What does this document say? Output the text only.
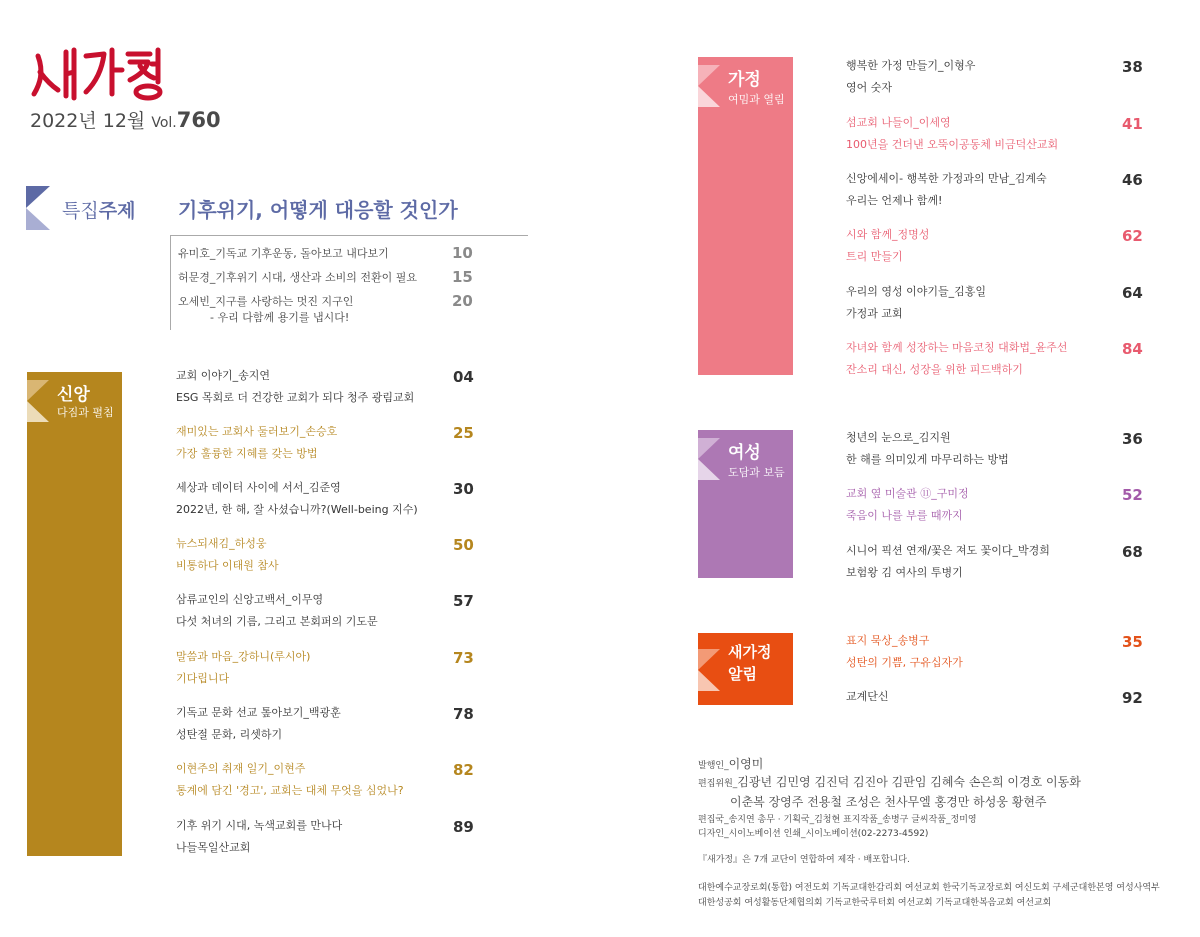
2022년 12월 Vol.760
특집주제 기후위기, 어떻게 대응할 것인가
유미호_기독교 기후운동, 돌아보고 내다보기	10
허문경_기후위기 시대, 생산과 소비의 전환이 필요 15
오세빈_지구를 사랑하는 멋진 지구인
- 우리 다함께 용기를 냅시다!
20
신앙
다짐과 펼침
교회 이야기_송지연
ESG 목회로 더 건강한 교회가 되다 청주 광림교회
04
재미있는 교회사 둘러보기_손승호
가장 훌륭한 지혜를 갖는 방법
25
세상과 데이터 사이에 서서_김준영
2022년, 한 해, 잘 사셨습니까?(Well-being 지수)
30
뉴스되새김_하성웅
비통하다 이태원 참사
50
삼류교인의 신앙고백서_이무영
다섯 처녀의 기름, 그리고 본회퍼의 기도문
57
말씀과 마음_강하니(루시아)
기다립니다
73
기독교 문화 선교 톺아보기_백광훈
성탄절 문화, 리셋하기
78
이현주의 취재 일기_이현주
통계에 담긴 '경고', 교회는 대체 무엇을 심었나?
82
기후 위기 시대, 녹색교회를 만나다
나들목일산교회
89
가정
여밈과 열림
행복한 가정 만들기_이형우
영어 숫자
38
섬교회 나들이_이세영
100년을 건더낸 오뚝이공동체 비금덕산교회
41
신앙에세이- 행복한 가정과의 만남_김계숙
우리는 언제나 함께!
46
시와 함께_정명성
트리 만들기
62
우리의 영성 이야기들_김홍일
가정과 교회
64
자녀와 함께 성장하는 마음코칭 대화법_윤주선
잔소리 대신, 성장을 위한 피드백하기
84
여성
도담과 보듬
청년의 눈으로_김지원
한 해를 의미있게 마무리하는 방법
36
교회 옆 미술관 ⑪_구미정
죽음이 나를 부를 때까지
52
시니어 픽션 연재/꽃은 져도 꽃이다_박경희
보험왕 김 여사의 투병기
68
새가정
알림
표지 묵상_송병구
성탄의 기쁨, 구유십자가
35
교계단신	92
발행인_이영미
편집위원_김광년 김민영 김진덕 김진아 김판임 김혜숙 손은희 이경호 이동화
이춘복 장영주 전용철 조성은 천사무엘 홍경만 하성웅 황현주
편집국_송지연 총무 · 기획국_김청현 표지작품_송병구 글씨작품_정미영
디자인_시이노베이션 인쇄_시이노베이션(02-2273-4592)
『새가정』은 7개 교단이 연합하여 제작 · 배포합니다.
대한예수교장로회(통합) 여전도회 기독교대한감리회 여선교회 한국기독교장로회 여신도회 구세군대한본영 여성사역부
대한성공회 여성활동단체협의회 기독교한국루터회 여선교회 기독교대한복음교회 여선교회
